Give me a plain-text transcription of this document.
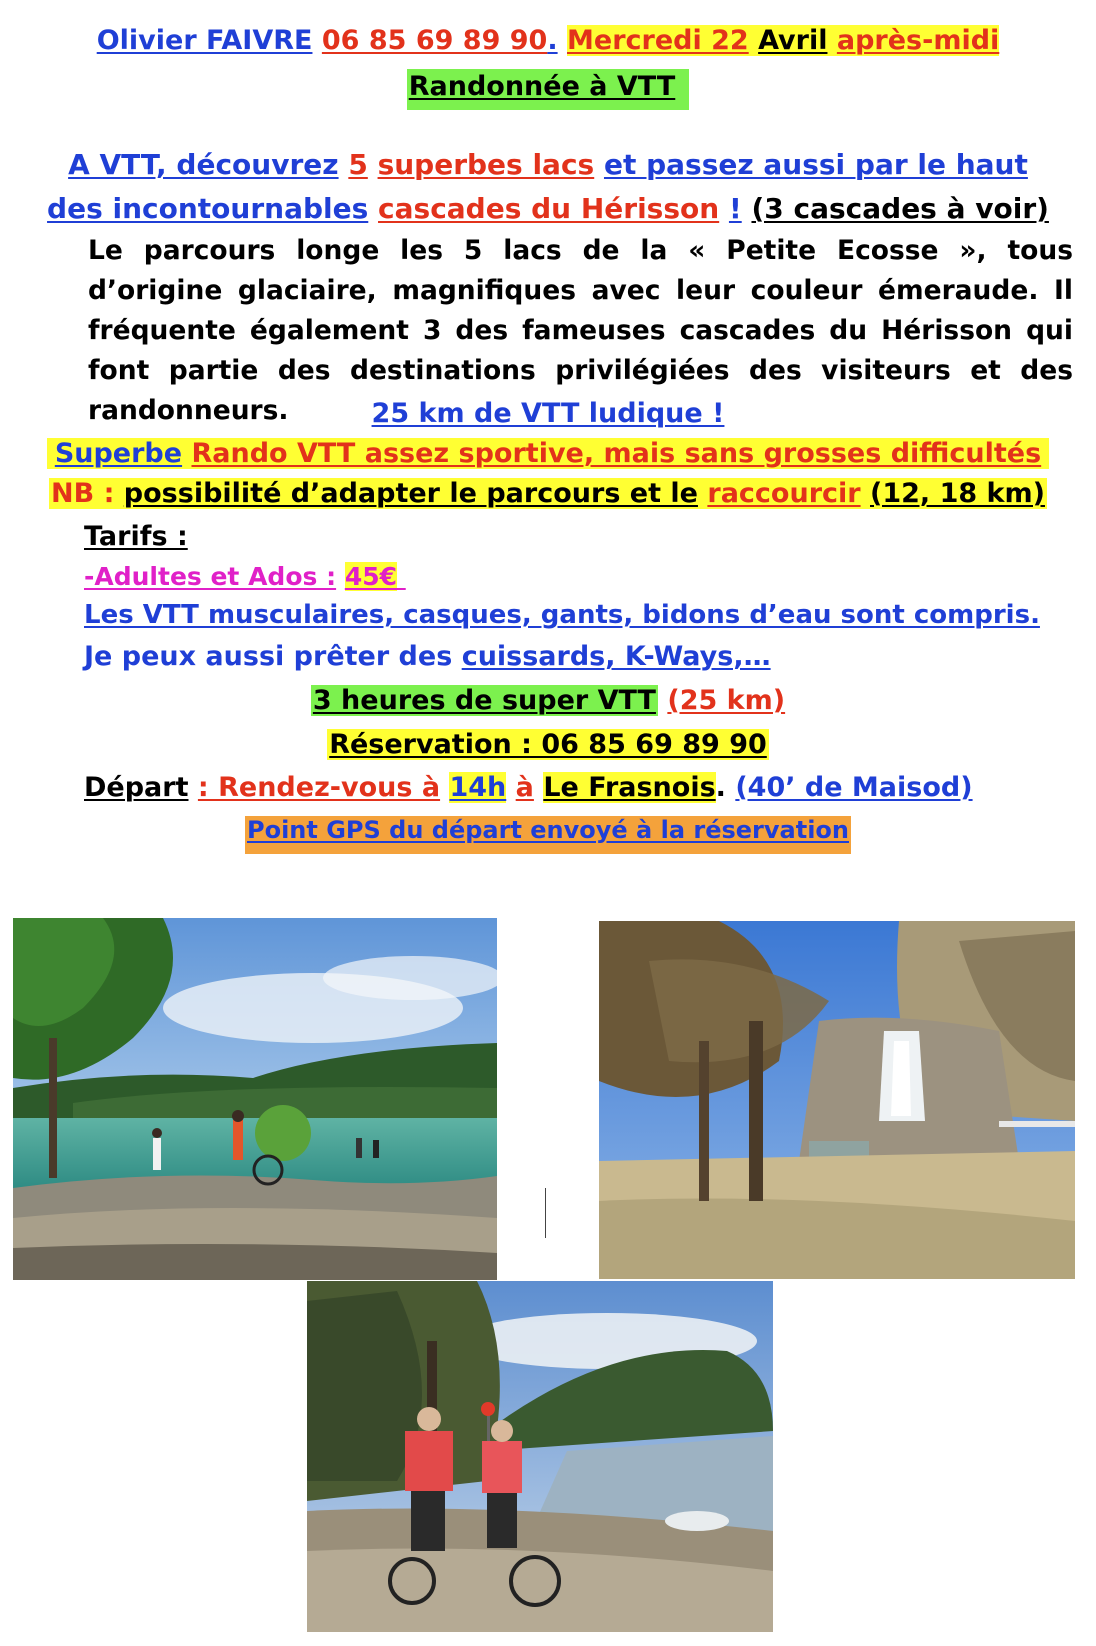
Olivier FAIVRE 06 85 69 89 90. Mercredi 22 Avril après-midi
Randonnée à VTT
A VTT, découvrez 5 superbes lacs et passez aussi par le haut
des incontournables cascades du Hérisson ! (3 cascades à voir)
Le parcours longe les 5 lacs de la « Petite Ecosse », tous d’origine glaciaire, magnifiques avec leur couleur émeraude. Il fréquente également 3 des fameuses cascades du Hérisson qui font partie des destinations privilégiées des visiteurs et des randonneurs.	25 km de VTT ludique !
Superbe Rando VTT assez sportive, mais sans grosses difficultés
NB : possibilité d’adapter le parcours et le raccourcir (12, 18 km)
Tarifs :
-Adultes et Ados : 45€
Les VTT musculaires, casques, gants, bidons d’eau sont compris.
Je peux aussi prêter des cuissards, K-Ways,…
3 heures de super VTT (25 km)
Réservation : 06 85 69 89 90
Départ : Rendez-vous à 14h à Le Frasnois. (40’ de Maisod)
Point GPS du départ envoyé à la réservation
